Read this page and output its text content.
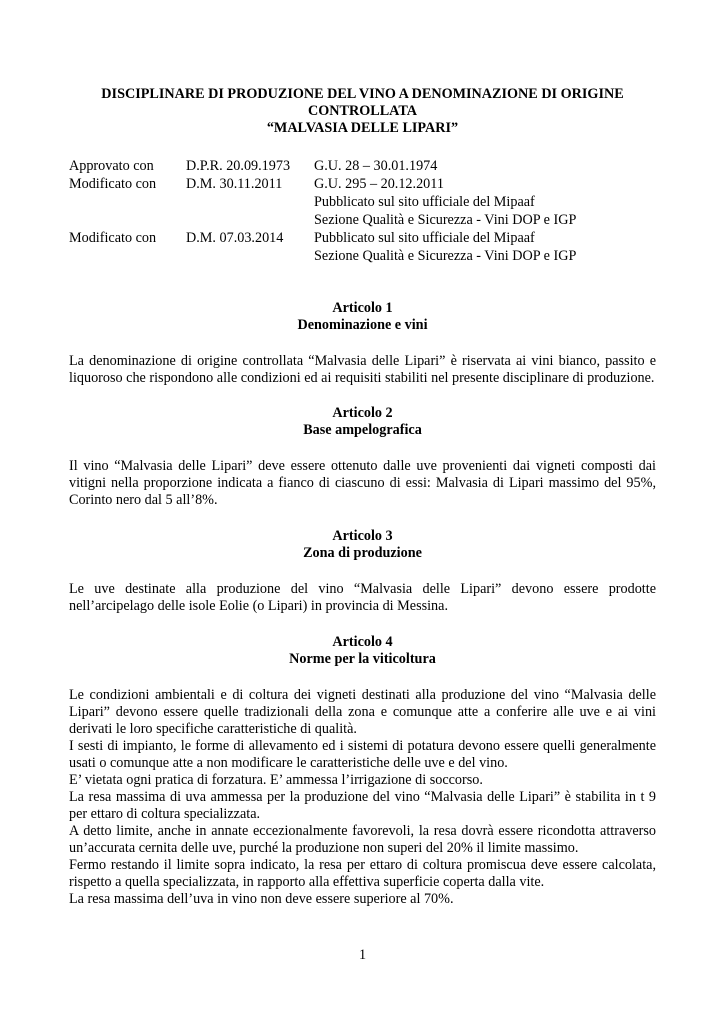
DISCIPLINARE DI PRODUZIONE DEL VINO A DENOMINAZIONE DI ORIGINE
CONTROLLATA
“MALVASIA DELLE LIPARI”
Approvato con	D.P.R. 20.09.1973	G.U. 28 – 30.01.1974
Modificato con	D.M. 30.11.2011	G.U. 295 – 20.12.2011
Pubblicato sul sito ufficiale del Mipaaf
Sezione Qualità e Sicurezza - Vini DOP e IGP
Modificato con	D.M. 07.03.2014	Pubblicato sul sito ufficiale del Mipaaf
Sezione Qualità e Sicurezza - Vini DOP e IGP
Articolo 1
Denominazione e vini

La denominazione di origine controllata “Malvasia delle Lipari” è riservata ai vini bianco, passito e liquoroso che rispondono alle condizioni ed ai requisiti stabiliti nel presente disciplinare di produzione.

Articolo 2
Base ampelografica

Il vino “Malvasia delle Lipari” deve essere ottenuto dalle uve provenienti dai vigneti composti dai vitigni nella proporzione indicata a fianco di ciascuno di essi: Malvasia di Lipari massimo del 95%, Corinto nero dal 5 all’8%.

Articolo 3
Zona di produzione

Le uve destinate alla produzione del vino “Malvasia delle Lipari” devono essere prodotte nell’arcipelago delle isole Eolie (o Lipari) in provincia di Messina.

Articolo 4
Norme per la viticoltura

Le condizioni ambientali e di coltura dei vigneti destinati alla produzione del vino “Malvasia delle Lipari” devono essere quelle tradizionali della zona e comunque atte a conferire alle uve e ai vini derivati le loro specifiche caratteristiche di qualità.

I sesti di impianto, le forme di allevamento ed i sistemi di potatura devono essere quelli generalmente usati o comunque atte a non modificare le caratteristiche delle uve e del vino.

E’ vietata ogni pratica di forzatura. E’ ammessa l’irrigazione di soccorso.

La resa massima di uva ammessa per la produzione del vino “Malvasia delle Lipari” è stabilita in t 9 per ettaro di coltura specializzata.

A detto limite, anche in annate eccezionalmente favorevoli, la resa dovrà essere ricondotta attraverso un’accurata cernita delle uve, purché la produzione non superi del 20% il limite massimo.

Fermo restando il limite sopra indicato, la resa per ettaro di coltura promiscua deve essere calcolata, rispetto a quella specializzata, in rapporto alla effettiva superficie coperta dalla vite.

La resa massima dell’uva in vino non deve essere superiore al 70%.

1
